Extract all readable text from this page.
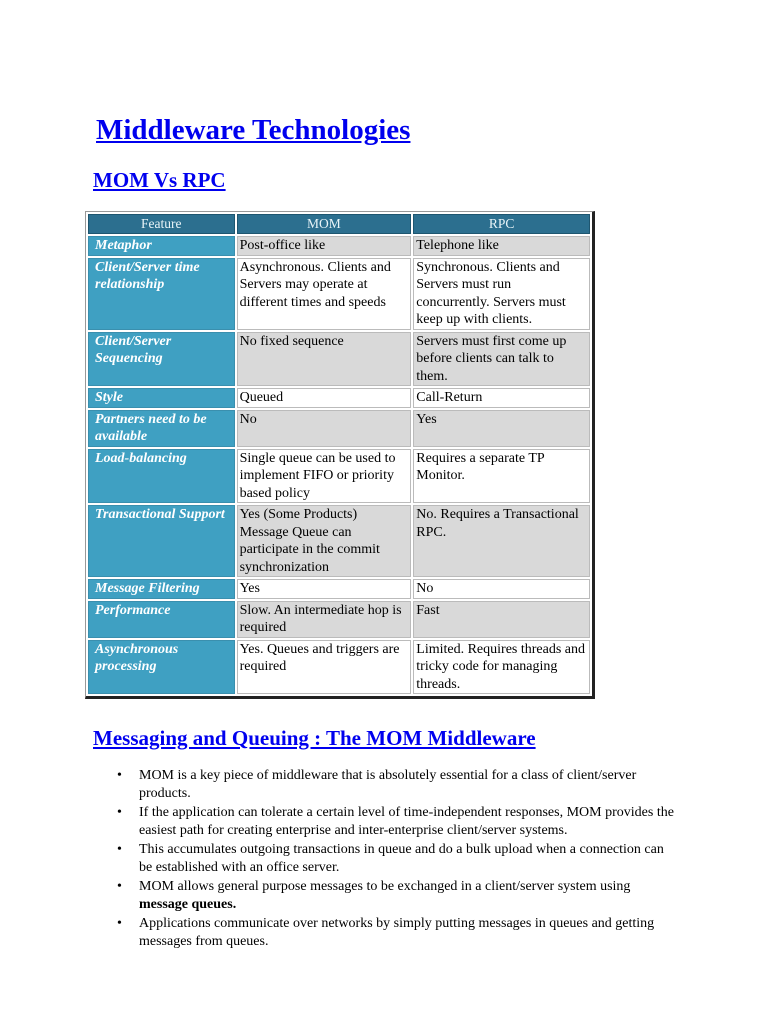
Middleware Technologies
MOM Vs RPC
Feature	MOM	RPC
Metaphor	Post-office like	Telephone like
Client/Server time relationship	Asynchronous. Clients and Servers may operate at different times and speeds	Synchronous. Clients and Servers must run concurrently. Servers must keep up with clients.
Client/Server Sequencing	No fixed sequence	Servers must first come up before clients can talk to them.
Style	Queued	Call-Return
Partners need to be available	No	Yes
Load-balancing	Single queue can be used to implement FIFO or priority based policy	Requires a separate TP Monitor.
Transactional Support	Yes (Some Products) Message Queue can participate in the commit synchronization	No. Requires a Transactional RPC.
Message Filtering	Yes	No
Performance	Slow. An intermediate hop is required	Fast
Asynchronous processing	Yes. Queues and triggers are required	Limited. Requires threads and tricky code for managing threads.
Messaging and Queuing : The MOM Middleware
•	MOM is a key piece of middleware that is absolutely essential for a class of client/server products.
•	If the application can tolerate a certain level of time-independent responses, MOM provides the easiest path for creating enterprise and inter-enterprise client/server systems.
•	This accumulates outgoing transactions in queue and do a bulk upload when a connection can be established with an office server.
•	MOM allows general purpose messages to be exchanged in a client/server system using message queues.
•	Applications communicate over networks by simply putting messages in queues and getting messages from queues.
